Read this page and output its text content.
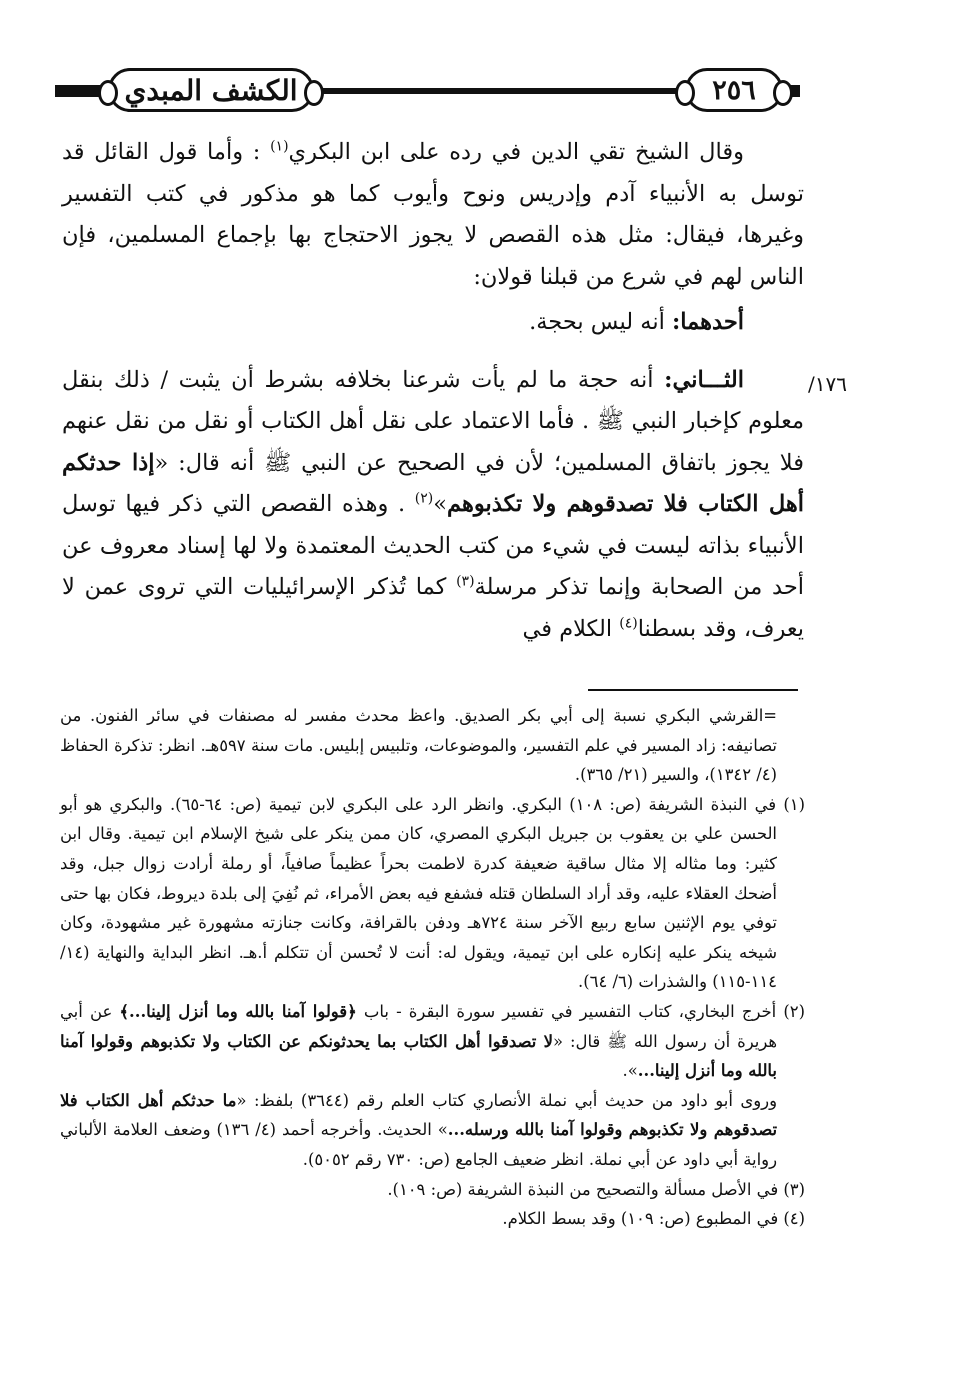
الكشف المبدي	٢٥٦

وقال الشيخ تقي الدين في رده على ابن البكري$^{(١)}$ : وأما قول القائل قد توسل به الأنبياء آدم وإدريس ونوح وأيوب كما هو مذكور في كتب التفسير وغيرها، فيقال: مثل هذه القصص لا يجوز الاحتجاج بها بإجماع المسلمين، فإن الناس لهم في شرع من قبلنا قولان:

أحدهما: أنه ليس بحجة.

الثـــاني: أنه حجة ما لم يأت شرعنا بخلافه بشرط أن يثبت / ذلك بنقل معلوم كإخبار النبي ﷺ . فأما الاعتماد على نقل أهل الكتاب أو نقل من نقل عنهم فلا يجوز باتفاق المسلمين؛ لأن في الصحيح عن النبي ﷺ أنه قال: «إذا حدثكم أهل الكتاب فلا تصدقوهم ولا تكذبوهم»$^{(٢)}$ . وهذه القصص التي ذكر فيها توسل الأنبياء بذاته ليست في شيء من كتب الحديث المعتمدة ولا لها إسناد معروف عن أحد من الصحابة وإنما تذكر مرسلة$^{(٣)}$ كما تُذكر الإسرائيليات التي تروى عمن لا يعرف، وقد بسطنا$^{(٤)}$ الكلام في

/١٧٦

=القرشي البكري نسبة إلى أبي بكر الصديق. واعظ محدث مفسر له مصنفات في سائر الفنون. من تصانيفه: زاد المسير في علم التفسير، والموضوعات، وتلبيس إبليس. مات سنة ٥٩٧هـ. انظر: تذكرة الحفاظ (٤/ ١٣٤٢)، والسير (٢١/ ٣٦٥).

(١) في النبذة الشريفة (ص: ١٠٨) البكري. وانظر الرد على البكري لابن تيمية (ص: ٦٤-٦٥). والبكري هو أبو الحسن علي بن يعقوب بن جبريل البكري المصري، كان ممن ينكر على شيخ الإسلام ابن تيمية. وقال ابن كثير: وما مثاله إلا مثال ساقية ضعيفة كدرة لاطمت بحراً عظيماً صافياً، أو رملة أرادت زوال جبل، وقد أضحك العقلاء عليه، وقد أراد السلطان قتله فشفع فيه بعض الأمراء، ثم نُفِيَ إلى بلدة ديروط، فكان بها حتى توفي يوم الإثنين سابع ربيع الآخر سنة ٧٢٤هـ ودفن بالقرافة، وكانت جنازته مشهورة غير مشهودة، وكان شيخه ينكر عليه إنكاره على ابن تيمية، ويقول له: أنت لا تُحسن أن تتكلم أ.هـ. انظر البداية والنهاية (١٤/ ١١٤-١١٥) والشذرات (٦/ ٦٤).

(٢) أخرج البخاري، كتاب التفسير في تفسير سورة البقرة - باب ﴿قولوا آمنا بالله وما أنزل إلينا...﴾ عن أبي هريرة أن رسول الله ﷺ قال: «لا تصدقوا أهل الكتاب بما يحدثونكم عن الكتاب ولا تكذبوهم وقولوا آمنا بالله وما أنزل إلينا...».

وروى أبو داود من حديث أبي نملة الأنصاري كتاب العلم رقم (٣٦٤٤) بلفظ: «ما حدثكم أهل الكتاب فلا تصدقوهم ولا تكذبوهم وقولوا آمنا بالله ورسله...» الحديث. وأخرجه أحمد (٤/ ١٣٦) وضعف العلامة الألباني رواية أبي داود عن أبي نملة. انظر ضعيف الجامع (ص: ٧٣٠ رقم ٥٠٥٢).

(٣) في الأصل مسألة والتصحيح من النبذة الشريفة (ص: ١٠٩).

(٤) في المطبوع (ص: ١٠٩) وقد بسط الكلام.
